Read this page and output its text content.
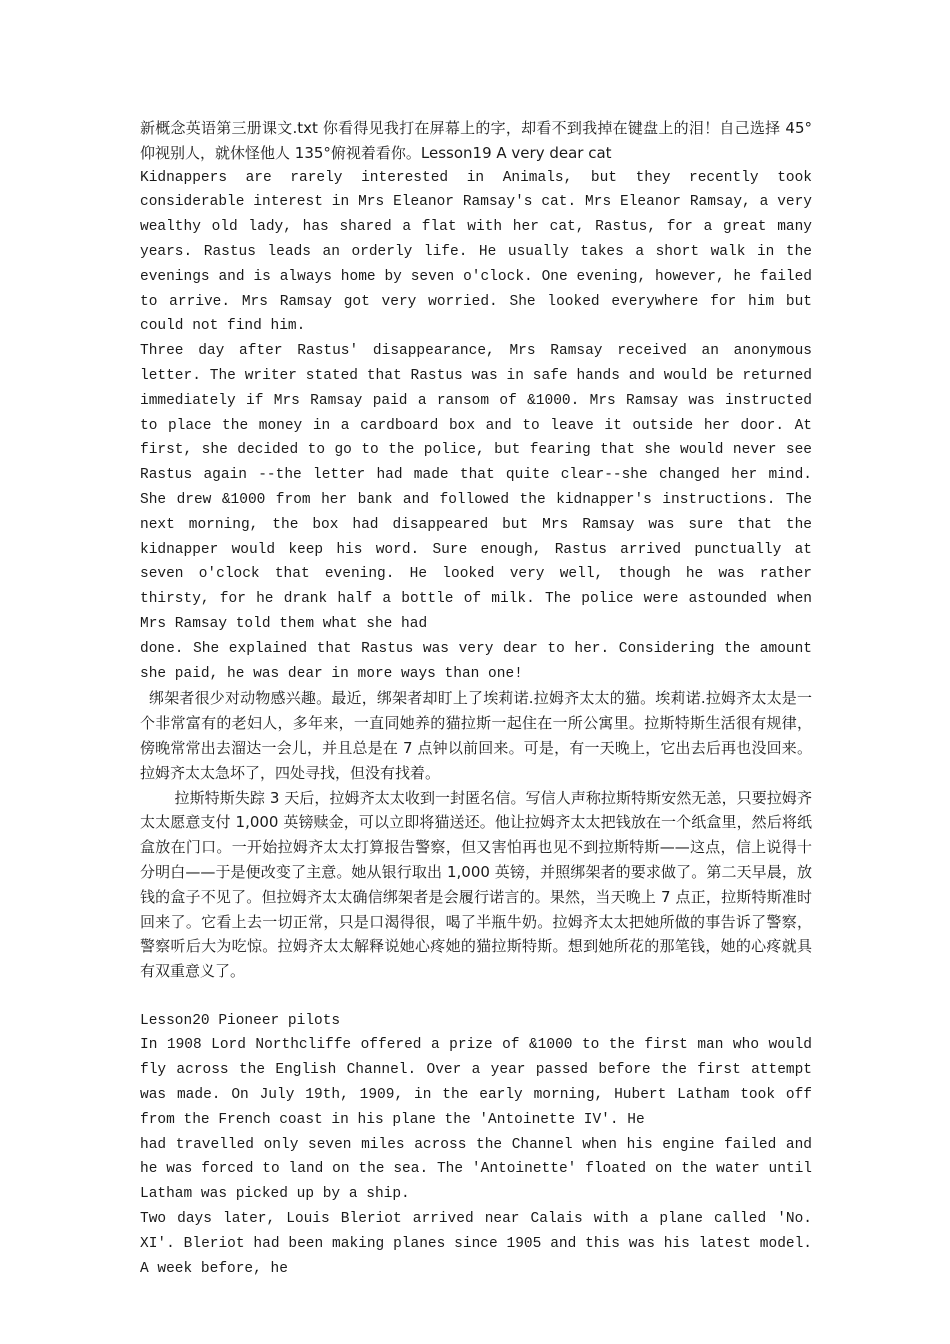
新概念英语第三册课文.txt 你看得见我打在屏幕上的字，却看不到我掉在键盘上的泪！自己选择 45°仰视别人，就休怪他人 135°俯视着看你。Lesson19 A very dear cat

Kidnappers are rarely interested in Animals, but they recently took considerable interest in Mrs Eleanor Ramsay's cat. Mrs Eleanor Ramsay, a very wealthy old lady, has shared a flat with her cat, Rastus, for a great many years. Rastus leads an orderly life. He usually takes a short walk in the evenings and is always home by seven o'clock. One evening, however, he failed to arrive. Mrs Ramsay got very worried. She looked everywhere for him but could not find him.

Three day after Rastus' disappearance, Mrs Ramsay received an anonymous letter. The writer stated that Rastus was in safe hands and would be returned immediately if Mrs Ramsay paid a ransom of &1000. Mrs Ramsay was instructed to place the money in a cardboard box and to leave it outside her door. At first, she decided to go to the police, but fearing that she would never see Rastus again --the letter had made that quite clear--she changed her mind. She drew &1000 from her bank and followed the kidnapper's instructions. The next morning, the box had disappeared but Mrs Ramsay was sure that the kidnapper would keep his word. Sure enough, Rastus arrived punctually at seven o'clock that evening. He looked very well, though he was rather thirsty, for he drank half a bottle of milk. The police were astounded when Mrs Ramsay told them what she had

done. She explained that Rastus was very dear to her. Considering the amount she paid, he was dear in more ways than one!

绑架者很少对动物感兴趣。最近，绑架者却盯上了埃莉诺.拉姆齐太太的猫。埃莉诺.拉姆齐太太是一个非常富有的老妇人，多年来，一直同她养的猫拉斯一起住在一所公寓里。拉斯特斯生活很有规律，傍晚常常出去溜达一会儿，并且总是在 7 点钟以前回来。可是，有一天晚上，它出去后再也没回来。拉姆齐太太急坏了，四处寻找，但没有找着。

拉斯特斯失踪 3 天后，拉姆齐太太收到一封匿名信。写信人声称拉斯特斯安然无恙，只要拉姆齐太太愿意支付 1,000 英镑赎金，可以立即将猫送还。他让拉姆齐太太把钱放在一个纸盒里，然后将纸盒放在门口。一开始拉姆齐太太打算报告警察，但又害怕再也见不到拉斯特斯——这点，信上说得十分明白——于是便改变了主意。她从银行取出 1,000 英镑，并照绑架者的要求做了。第二天早晨，放钱的盒子不见了。但拉姆齐太太确信绑架者是会履行诺言的。果然，当天晚上 7 点正，拉斯特斯准时回来了。它看上去一切正常，只是口渴得很，喝了半瓶牛奶。拉姆齐太太把她所做的事告诉了警察，警察听后大为吃惊。拉姆齐太太解释说她心疼她的猫拉斯特斯。想到她所花的那笔钱，她的心疼就具有双重意义了。

Lesson20 Pioneer pilots

In 1908 Lord Northcliffe offered a prize of &1000 to the first man who would fly across the English Channel. Over a year passed before the first attempt was made. On July 19th, 1909, in the early morning, Hubert Latham took off from the French coast in his plane the 'Antoinette IV'. He

had travelled only seven miles across the Channel when his engine failed and he was forced to land on the sea. The 'Antoinette' floated on the water until Latham was picked up by a ship.

Two days later, Louis Bleriot arrived near Calais with a plane called 'No. XI'. Bleriot had been making planes since 1905 and this was his latest model. A week before, he
